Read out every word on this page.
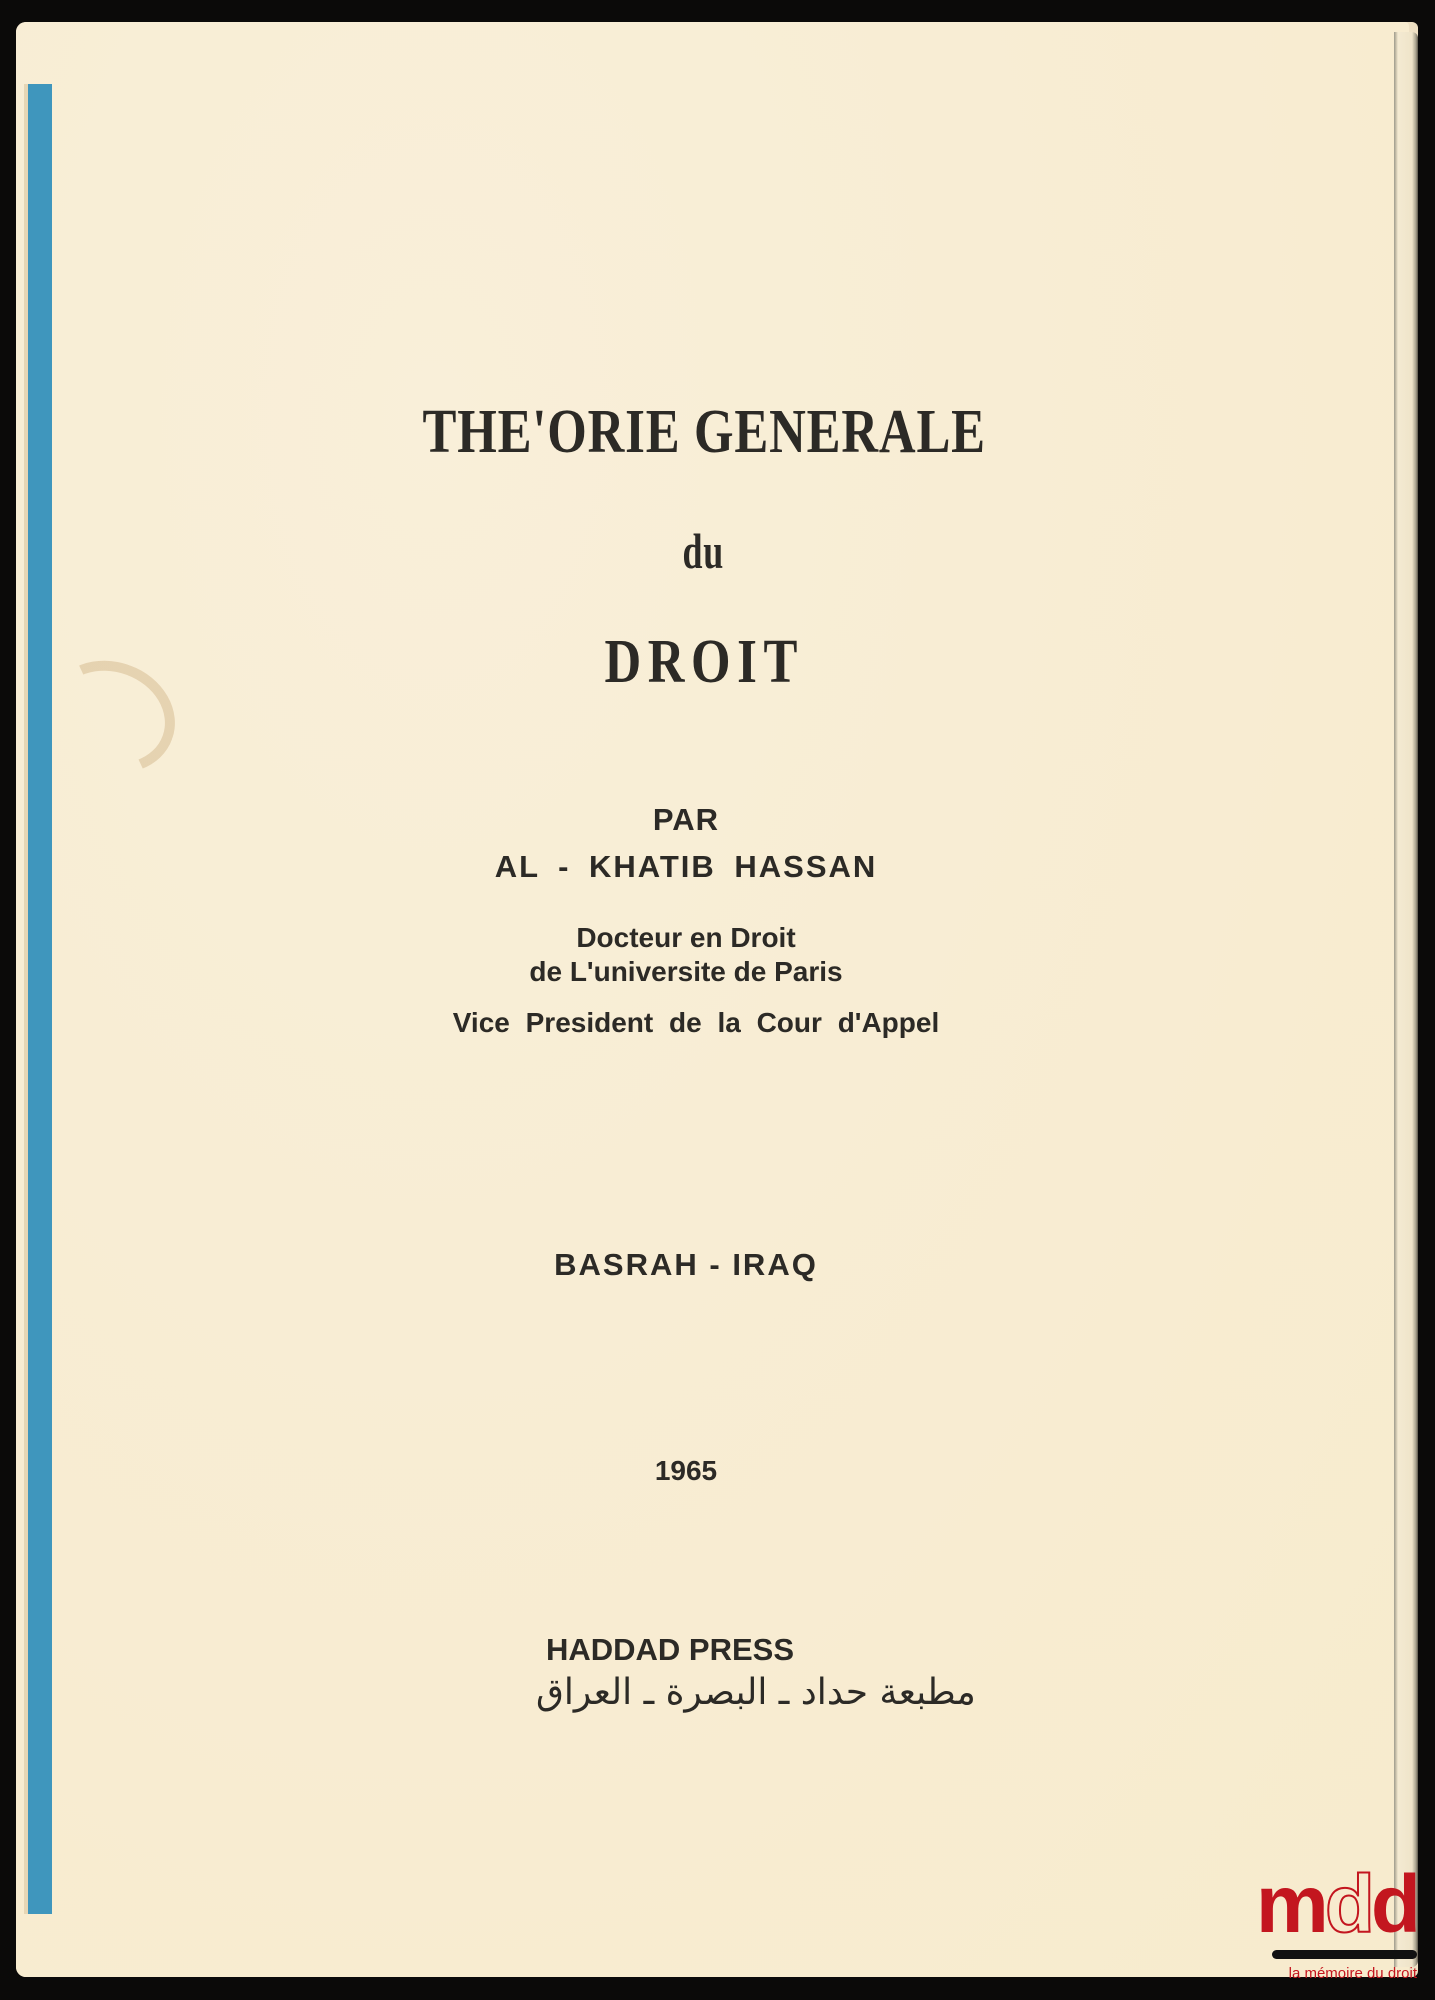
THE'ORIE GENERALE
du
DROIT
PAR
AL - KHATIB HASSAN
Docteur en Droit
de L'universite de Paris
Vice President de la Cour d'Appel
BASRAH - IRAQ
1965
HADDAD PRESS
مطبعة حداد ـ البصرة ـ العراق
mdd
la mémoire du droit
